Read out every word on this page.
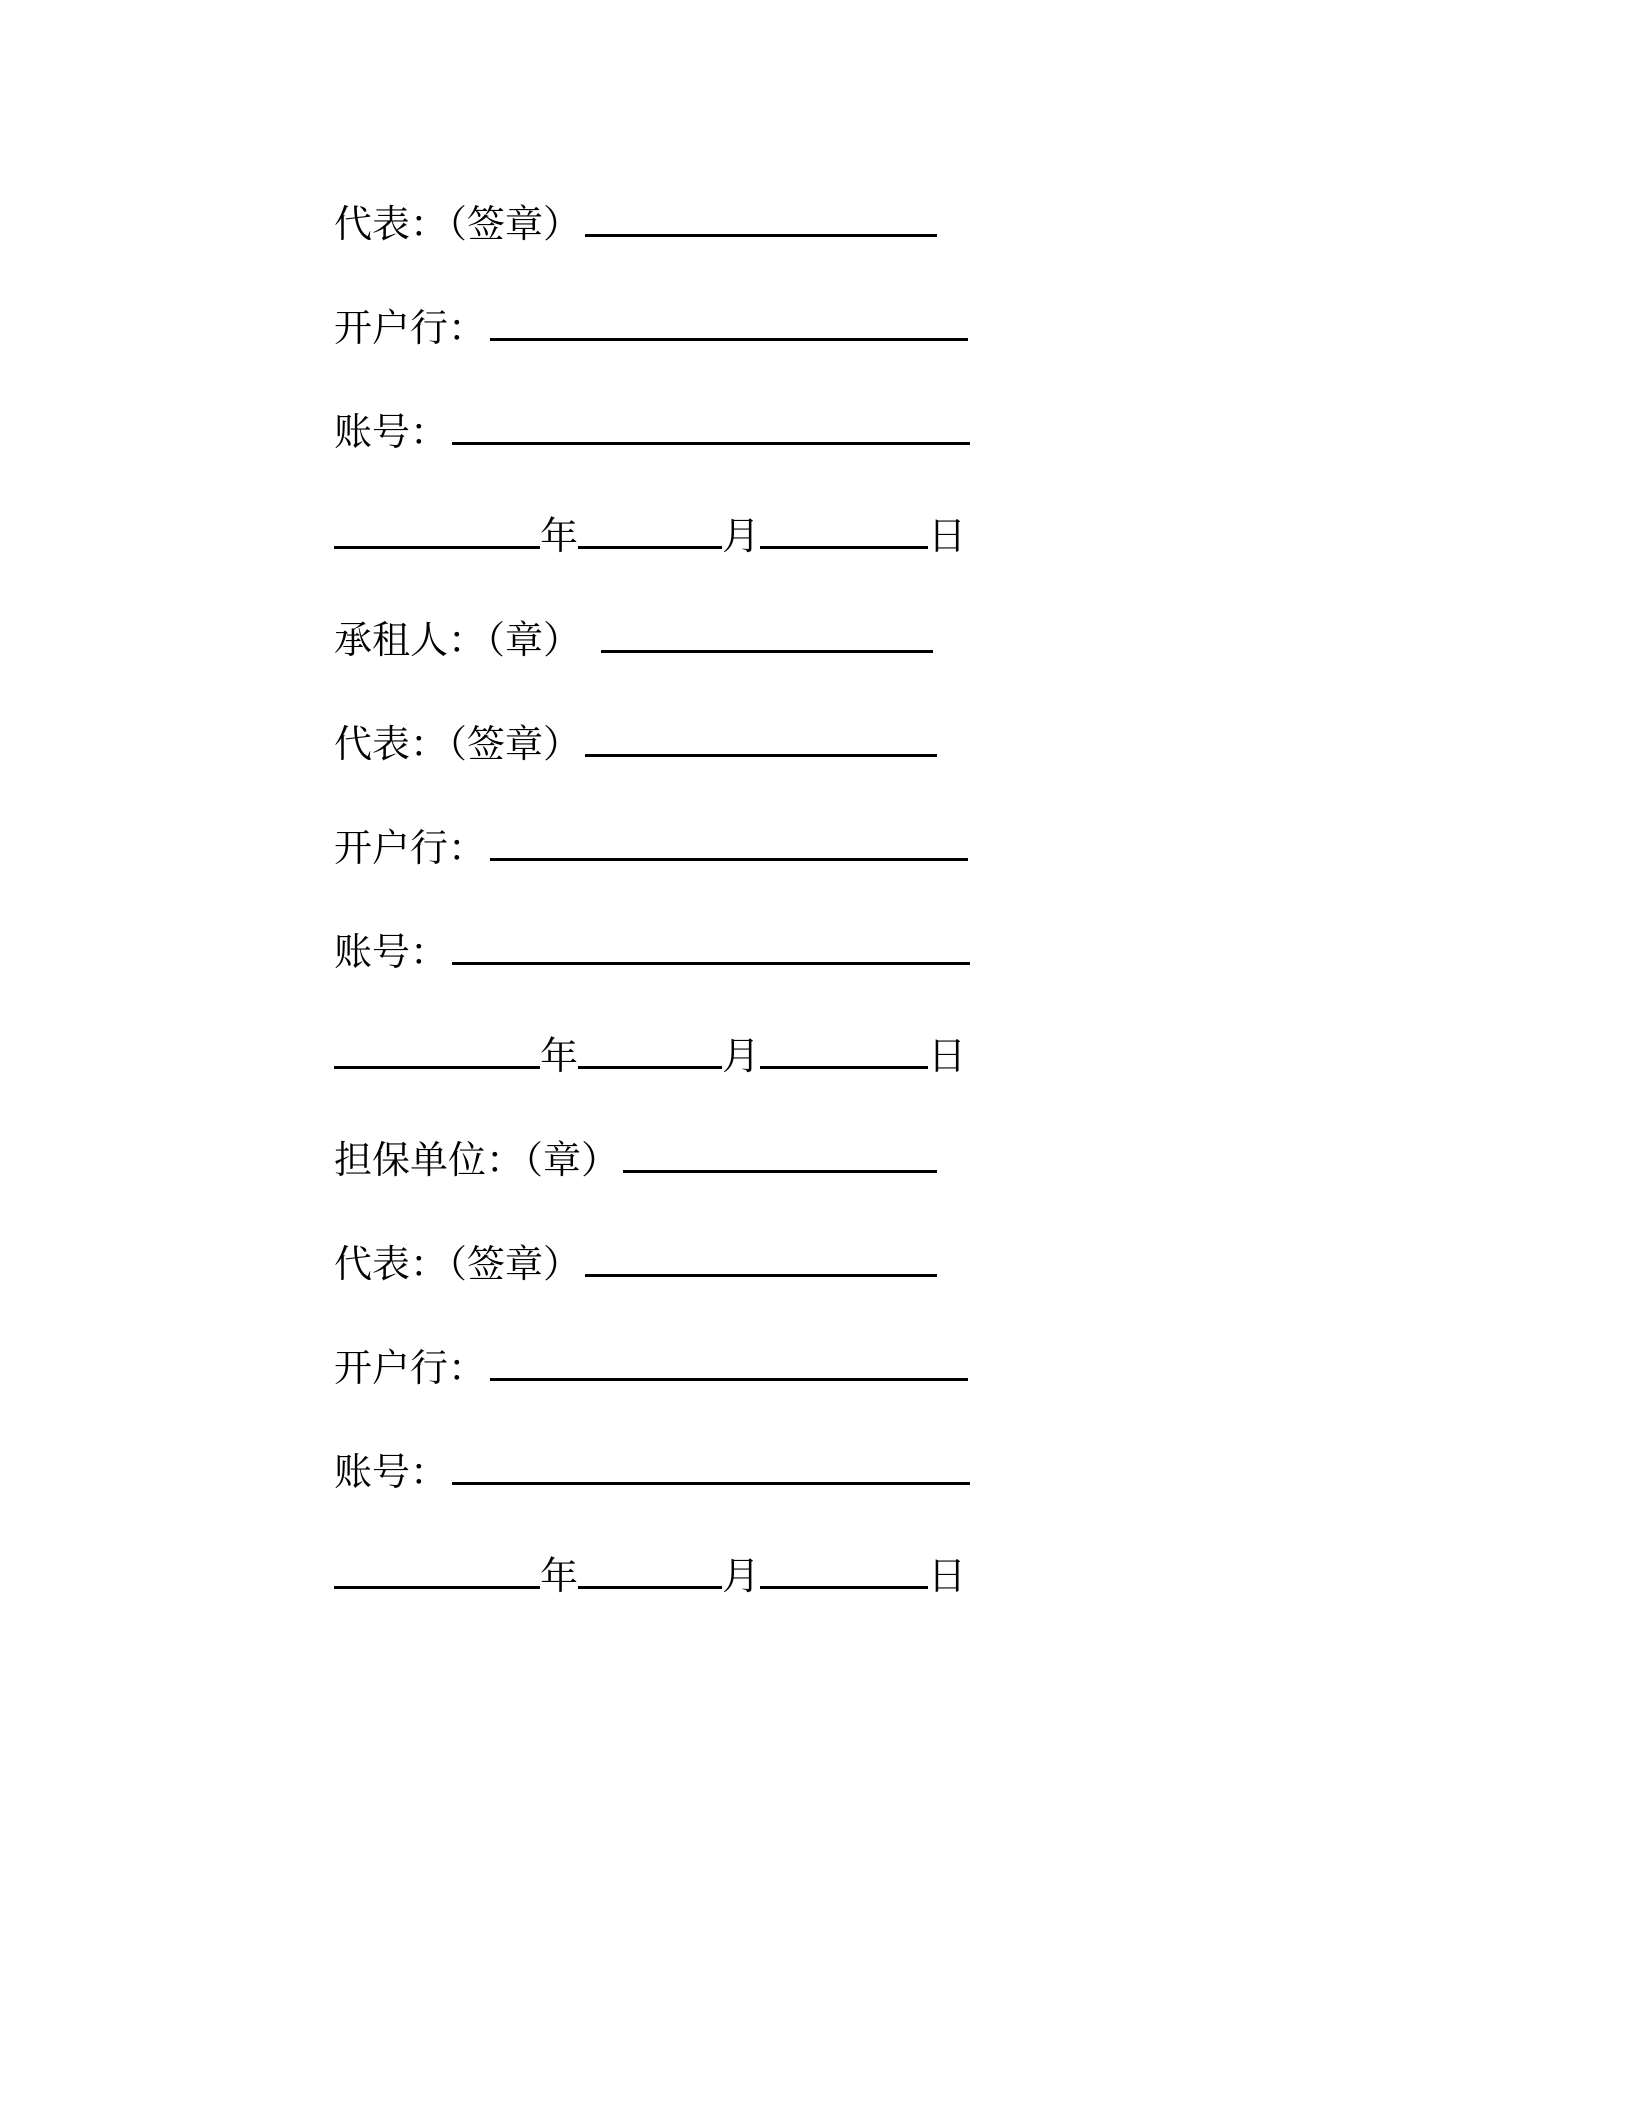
代表：（签章）
开户行：
账号：
年	月	日
承租人：（章）
代表：（签章）
开户行：
账号：
年	月	日
担保单位：（章）
代表：（签章）
开户行：
账号：
年	月	日
